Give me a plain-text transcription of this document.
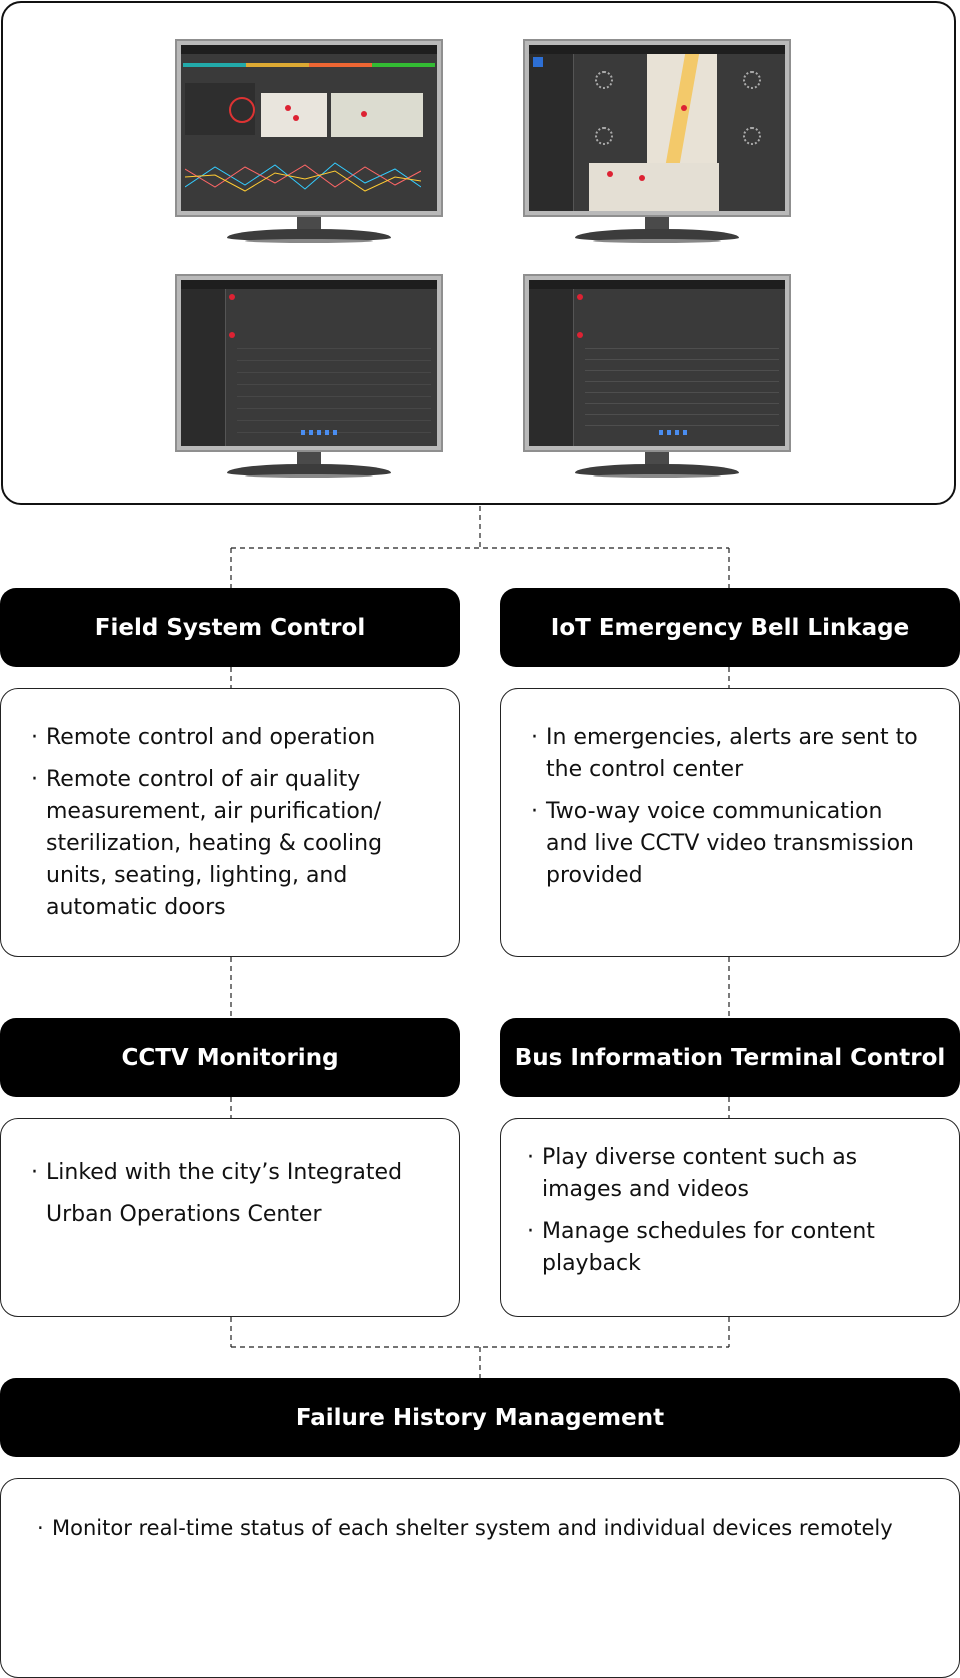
Field System Control
· Remote control and operation
· Remote control of air quality measurement, air purification/ sterilization, heating & cooling units, seating, lighting, and automatic doors
IoT Emergency Bell Linkage
· In emergencies, alerts are sent to the control center
· Two-way voice communication and live CCTV video transmission provided
CCTV Monitoring
· Linked with the city’s Integrated Urban Operations Center
Bus Information Terminal Control
· Play diverse content such as images and videos
· Manage schedules for content playback
Failure History Management
· Monitor real-time status of each shelter system and individual devices remotely
